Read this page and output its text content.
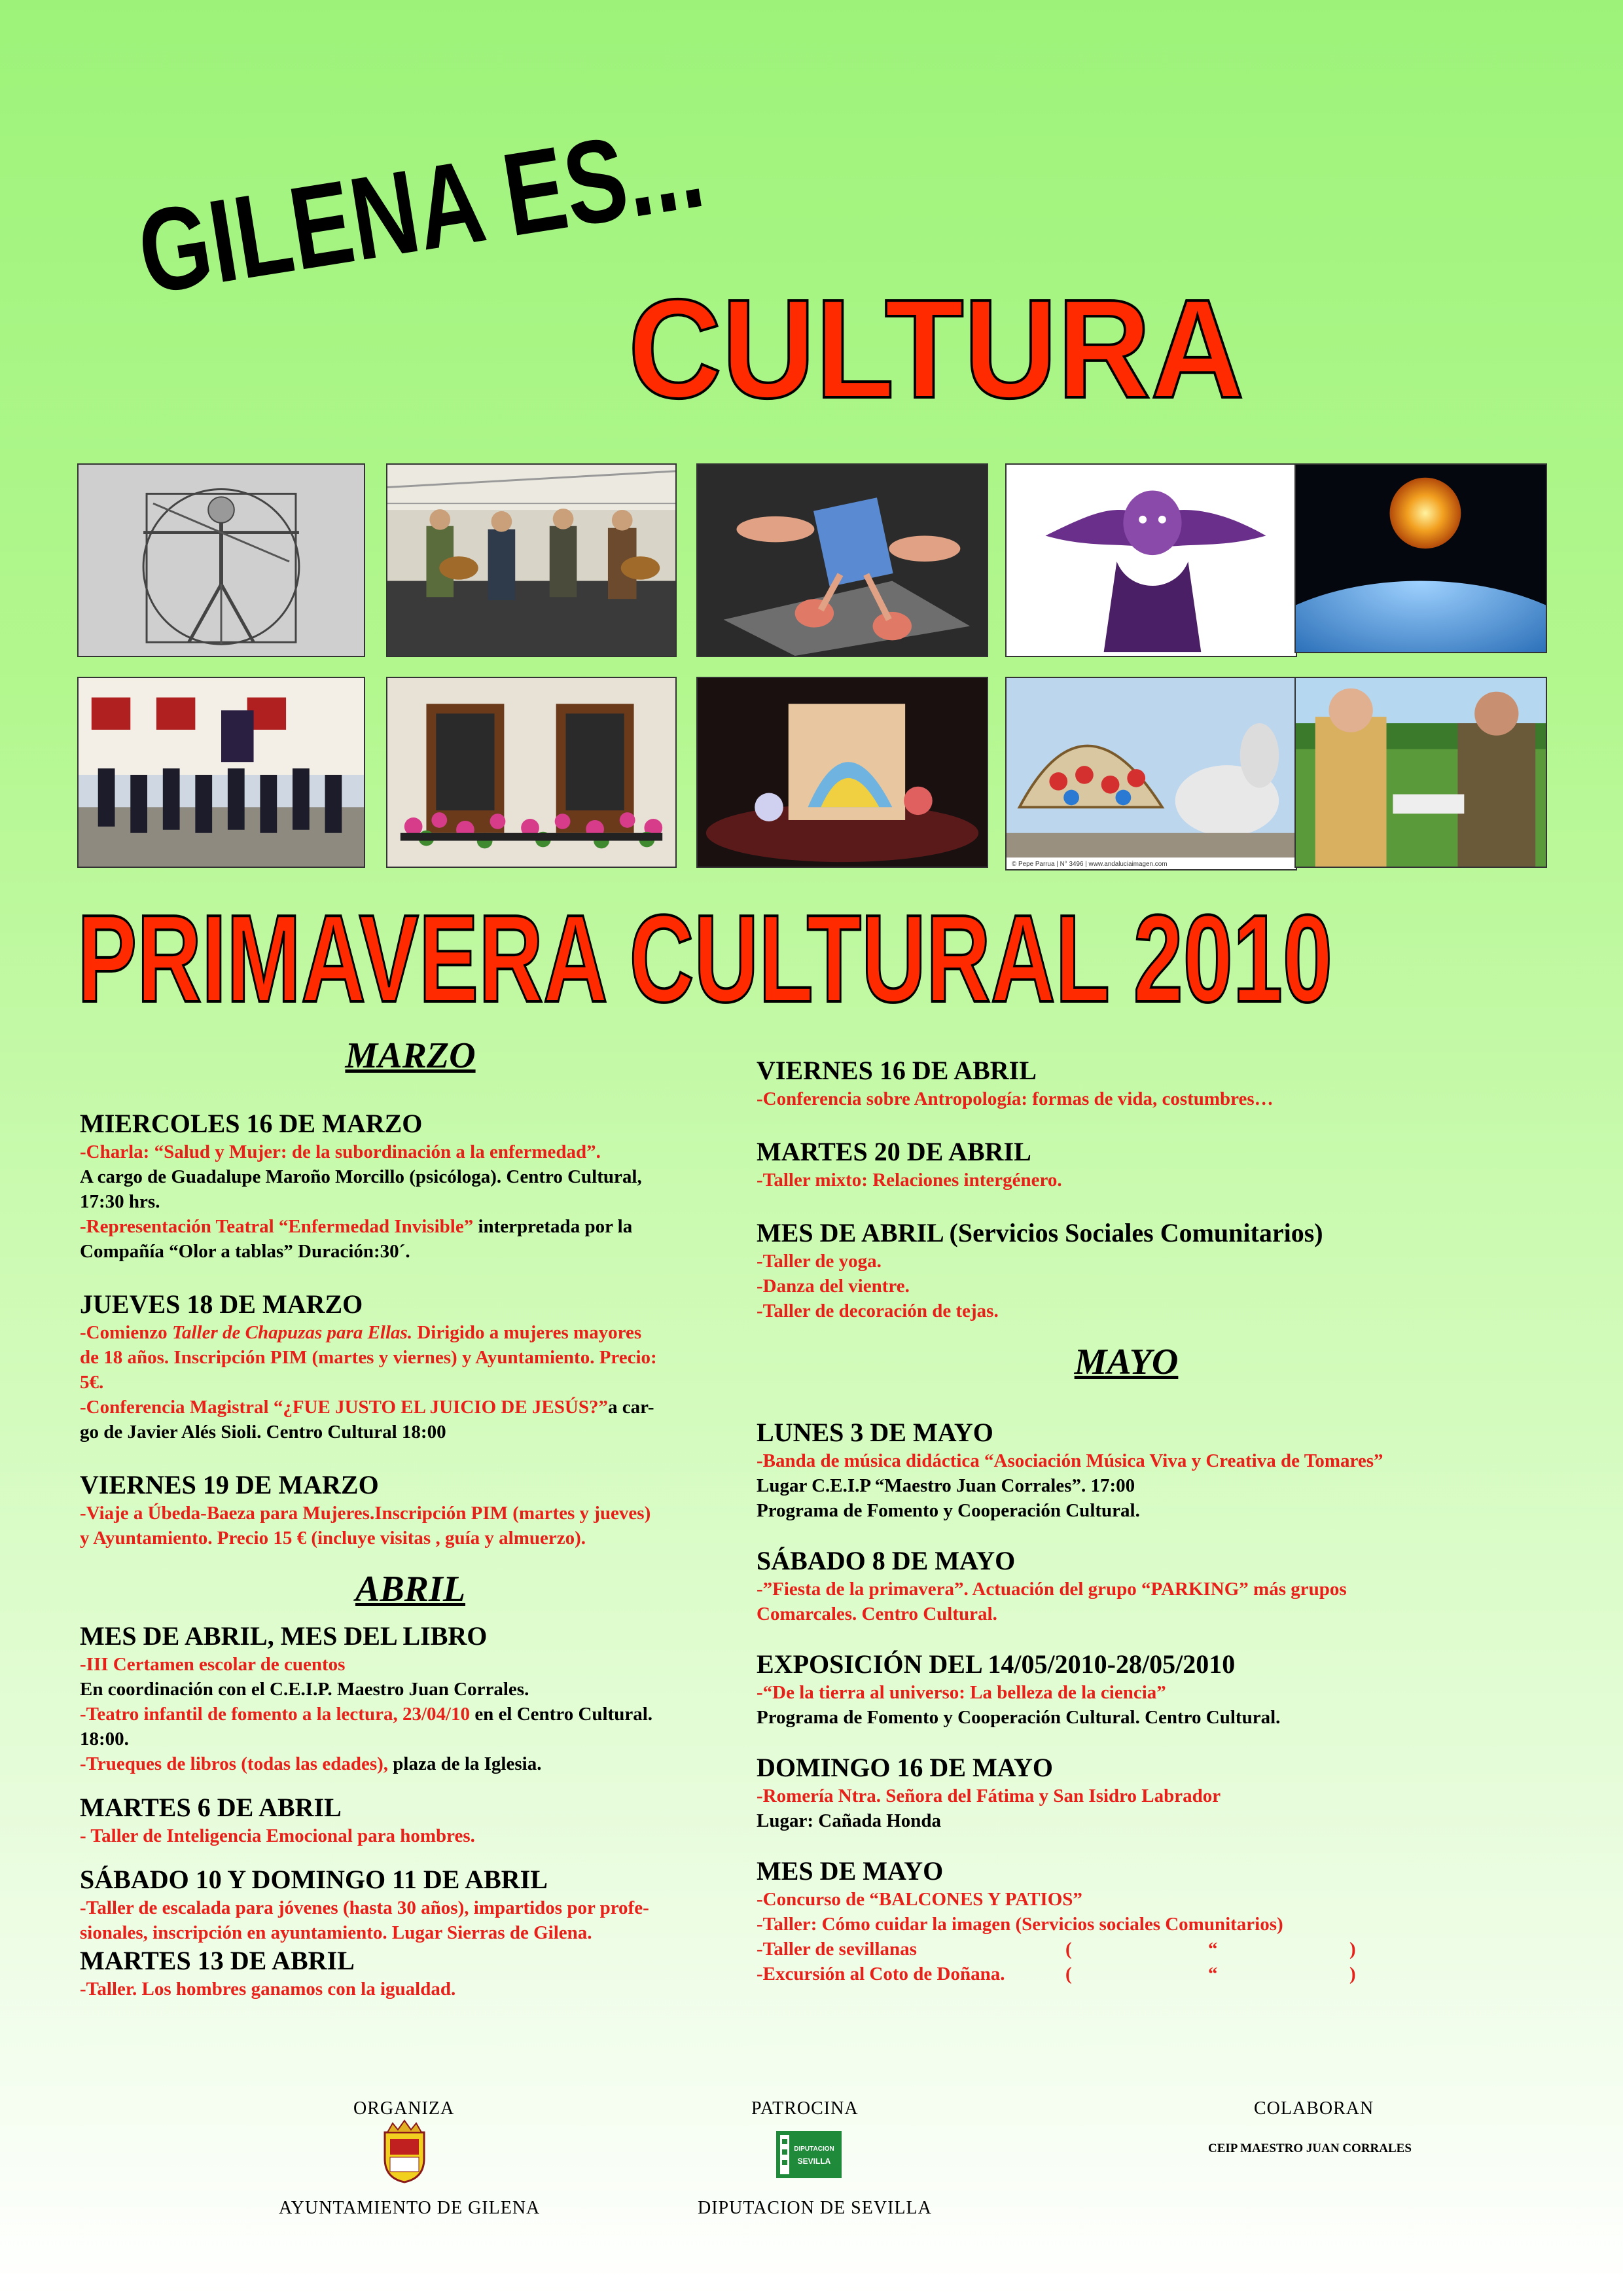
GILENA ES...
CULTURA
© Pepe Parrua | N° 3496 | www.andaluciaimagen.com
PRIMAVERA CULTURAL 2010
MARZO
MIERCOLES 16 DE MARZO

-Charla: “Salud y Mujer: de la subordinación a la enfermedad”.

A cargo de Guadalupe Maroño Morcillo (psicóloga). Centro Cultural,

17:30 hrs.

-Representación Teatral “Enfermedad Invisible” interpretada por la

Compañía “Olor a tablas” Duración:30´.

JUEVES 18 DE MARZO

-Comienzo Taller de Chapuzas para Ellas. Dirigido a mujeres mayores

de 18 años. Inscripción PIM (martes y viernes) y Ayuntamiento. Precio:

5€.

-Conferencia Magistral “¿FUE JUSTO EL JUICIO DE JESÚS?”a car-

go de Javier Alés Sioli. Centro Cultural 18:00

VIERNES 19 DE MARZO

-Viaje a Úbeda-Baeza para Mujeres.Inscripción PIM (martes y jueves)

y Ayuntamiento. Precio 15 € (incluye visitas , guía y almuerzo).

ABRIL
MES DE ABRIL, MES DEL LIBRO

-III Certamen escolar de cuentos

En coordinación con el C.E.I.P. Maestro Juan Corrales.

-Teatro infantil de fomento a la lectura, 23/04/10 en el Centro Cultural.

18:00.

-Trueques de libros (todas las edades), plaza de la Iglesia.

MARTES 6 DE ABRIL

- Taller de Inteligencia Emocional para hombres.

SÁBADO 10 Y DOMINGO 11 DE ABRIL

-Taller de escalada para jóvenes (hasta 30 años), impartidos por profe-

sionales, inscripción en ayuntamiento. Lugar Sierras de Gilena.

MARTES 13 DE ABRIL

-Taller. Los hombres ganamos con la igualdad.

VIERNES 16 DE ABRIL

-Conferencia sobre Antropología: formas de vida, costumbres…

MARTES 20 DE ABRIL

-Taller mixto: Relaciones intergénero.

MES DE ABRIL (Servicios Sociales Comunitarios)

-Taller de yoga.

-Danza del vientre.

-Taller de decoración de tejas.

MAYO
LUNES 3 DE MAYO

-Banda de música didáctica “Asociación Música Viva y Creativa de Tomares”

Lugar C.E.I.P “Maestro Juan Corrales”. 17:00

Programa de Fomento y Cooperación Cultural.

SÁBADO 8 DE MAYO

-”Fiesta de la primavera”. Actuación del grupo “PARKING” más grupos

Comarcales. Centro Cultural.

EXPOSICIÓN DEL 14/05/2010-28/05/2010

-“De la tierra al universo: La belleza de la ciencia”

Programa de Fomento y Cooperación Cultural. Centro Cultural.

DOMINGO 16 DE MAYO

-Romería Ntra. Señora del Fátima y San Isidro Labrador

Lugar: Cañada Honda

MES DE MAYO

-Concurso de “BALCONES Y PATIOS”

-Taller: Cómo cuidar la imagen (Servicios sociales Comunitarios)

-Taller de sevillanas	(	“	)

-Excursión al Coto de Doñana.	(	“	)

ORGANIZA	PATROCINA	COLABORAN
DIPUTACION
SEVILLA
CEIP MAESTRO JUAN CORRALES
AYUNTAMIENTO DE GILENA	DIPUTACION DE SEVILLA
